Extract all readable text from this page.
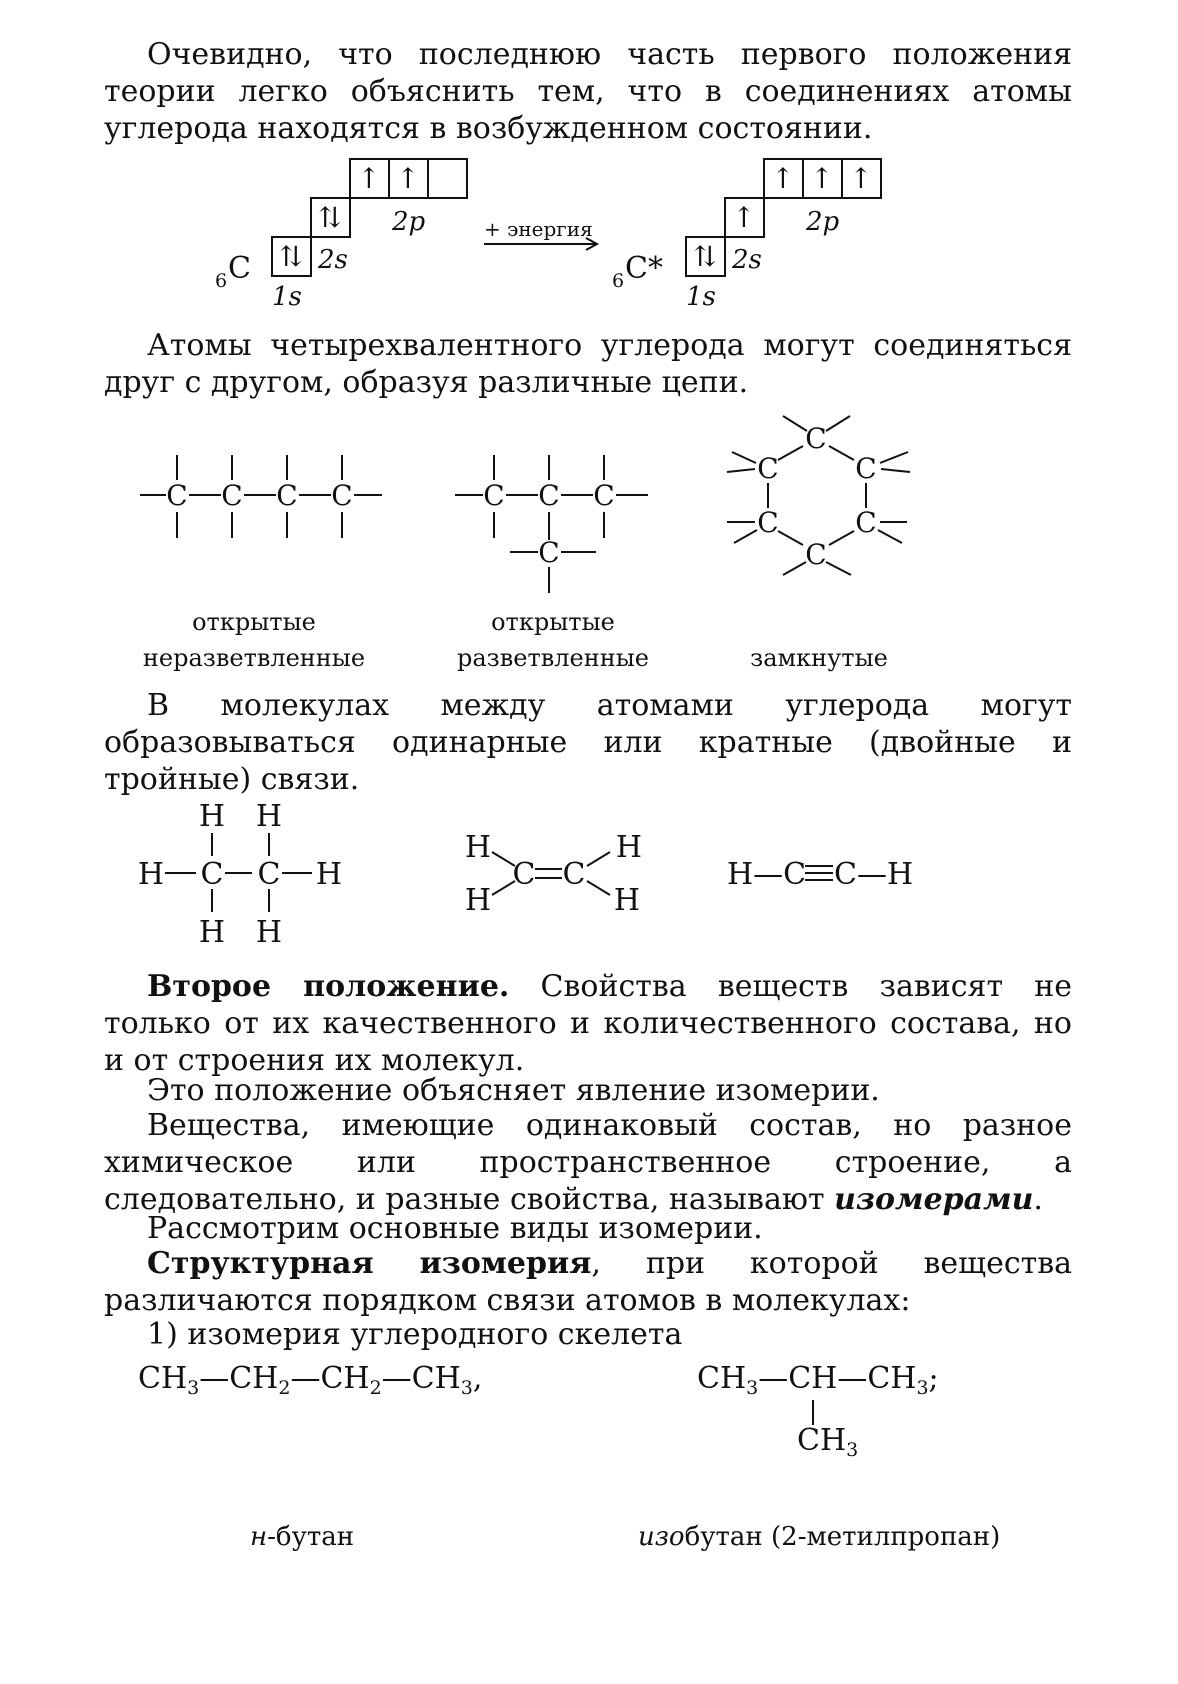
Очевидно, что последнюю часть первого положения теории легко объяснить тем, что в соединениях атомы углерода находятся в возбужденном состоянии.

⇅
⇅
↑ ↑
⇅
↑
↑ ↑ ↑
2p
2s
1s
2p
2s
1s
+ энергия
6 C	6 C*

Атомы четырехвалентного углерода могут соединяться друг с другом, образуя различные цепи.

C C C C	C C C
C
C
C	C
C	C
C
открытые
неразветвленные
открытые
разветвленные	замкнутые

В молекулах между атомами углерода могут образовываться одинарные или кратные (двойные и тройные) связи.

H H
H C C H
H H
H
H
C C
H
H
H—C C—H

Второе положение. Свойства веществ зависят не только от их качественного и количественного состава, но и от строения их молекул.

Это положение объясняет явление изомерии.

Вещества, имеющие одинаковый состав, но разное химическое или пространственное строение, а следовательно, и разные свойства, называют изомерами.

Рассмотрим основные виды изомерии.

Структурная изомерия, при которой вещества различаются порядком связи атомов в молекулах:

1) изомерия углеродного скелета

$CH_3—CH_2—CH_2—CH_3$,	$CH_3—CH—CH_3$;
$CH_3$
н-бутан	изобутан (2-метилпропан)
